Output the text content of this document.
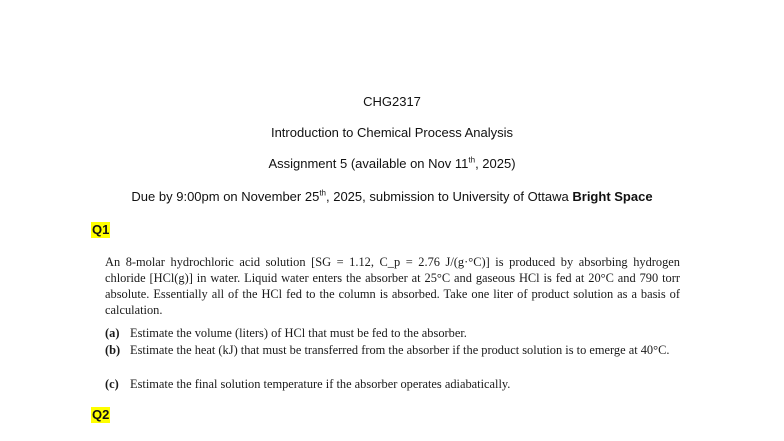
CHG2317
Introduction to Chemical Process Analysis
Assignment 5 (available on Nov 11th, 2025)
Due by 9:00pm on November 25th, 2025, submission to University of Ottawa Bright Space
Q1
An 8-molar hydrochloric acid solution [SG = 1.12, C_p = 2.76 J/(g·°C)] is produced by absorbing hydrogen chloride [HCl(g)] in water. Liquid water enters the absorber at 25°C and gaseous HCl is fed at 20°C and 790 torr absolute. Essentially all of the HCl fed to the column is absorbed. Take one liter of product solution as a basis of calculation.
(a) Estimate the volume (liters) of HCl that must be fed to the absorber.
(b) Estimate the heat (kJ) that must be transferred from the absorber if the product solution is to emerge at 40°C.
(c) Estimate the final solution temperature if the absorber operates adiabatically.
Q2
